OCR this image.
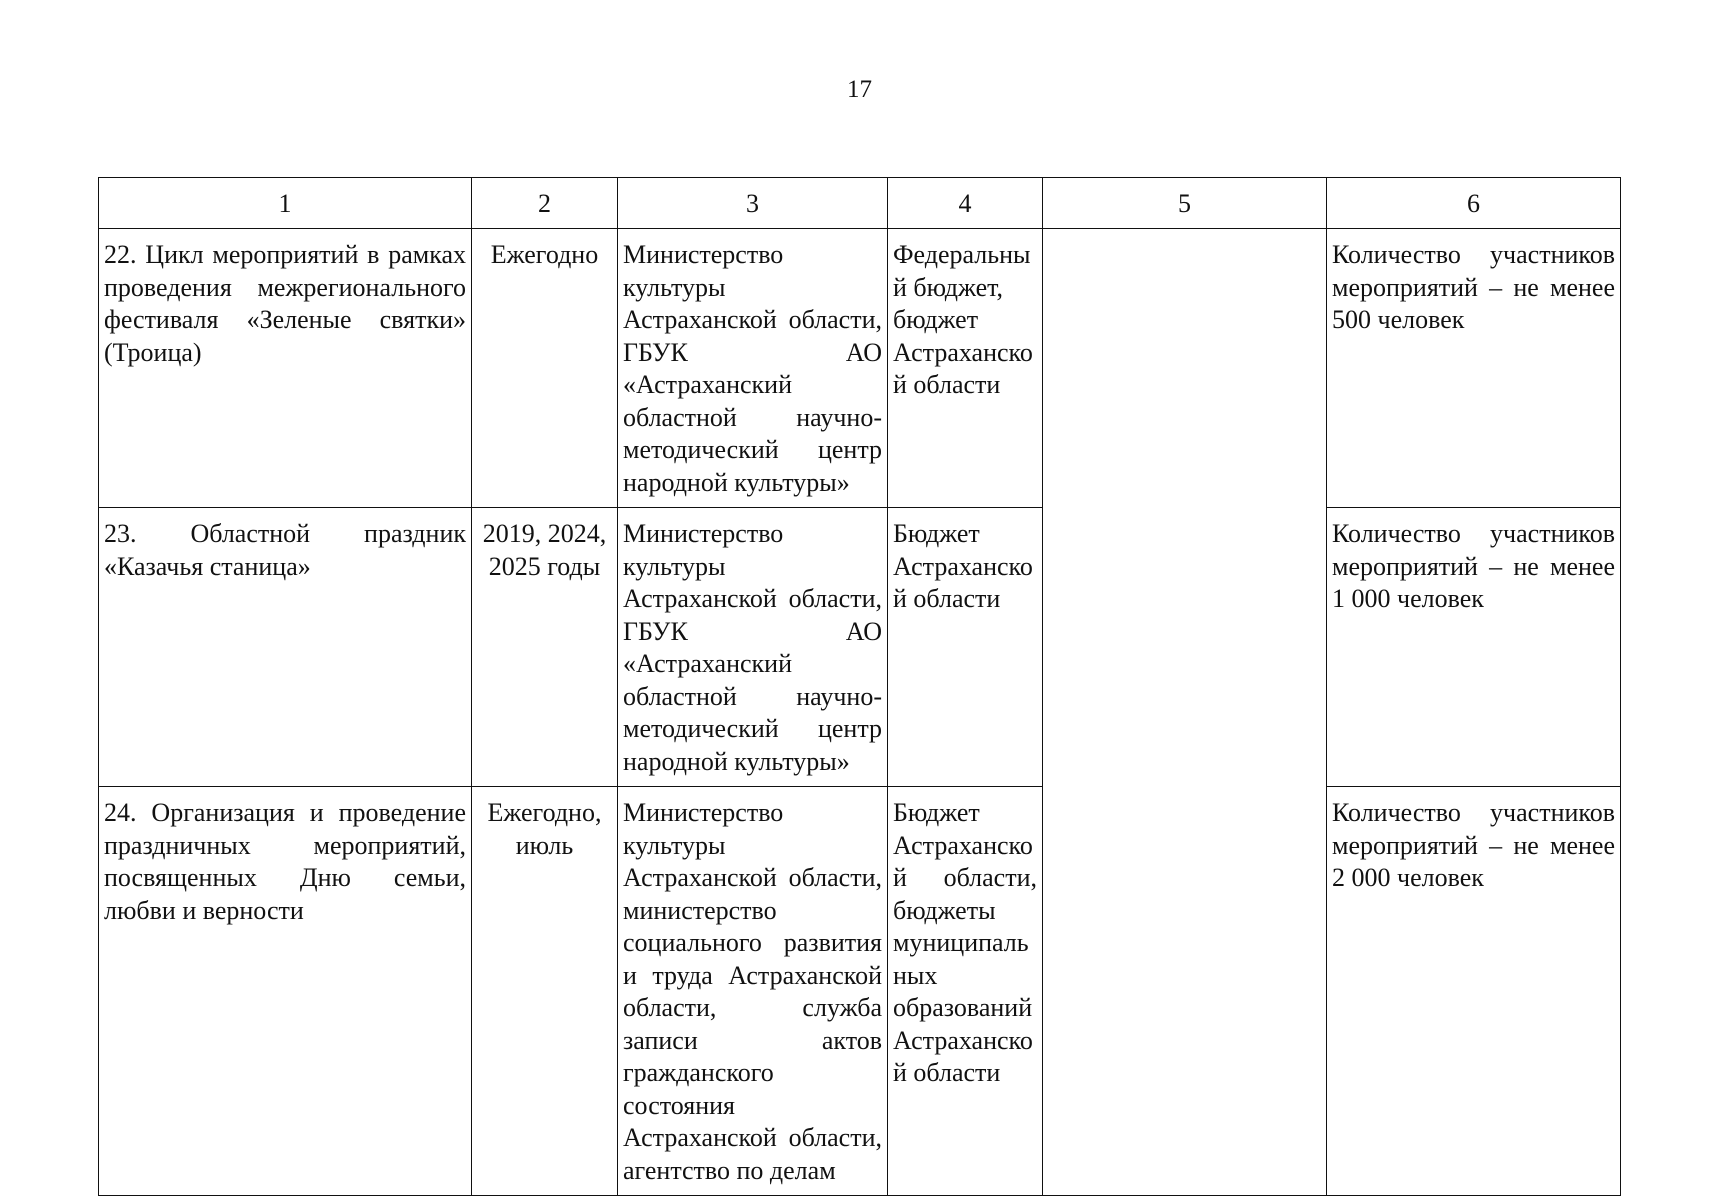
17
1	2	3	4	5	6
22. Цикл мероприятий в рамках проведения межрегионального фестиваля «Зеленые святки» (Троица)	Ежегодно	Министерство культуры Астраханской области, ГБУК АО «Астраханский областной научно-методический центр народной культуры»	Федеральный бюджет, бюджет Астраханской области		Количество участников мероприятий – не менее 500 человек
23. Областной праздник «Казачья станица»	2019, 2024, 2025 годы	Министерство культуры Астраханской области, ГБУК АО «Астраханский областной научно-методический центр народной культуры»	Бюджет Астраханской области		Количество участников мероприятий – не менее 1 000 человек
24. Организация и проведение праздничных мероприятий, посвященных Дню семьи, любви и верности	Ежегодно, июль	Министерство культуры Астраханской области, министерство социального развития и труда Астраханской области, служба записи актов гражданского состояния Астраханской области, агентство по делам	Бюджет Астраханской области, бюджеты муниципальных образований Астраханской области		Количество участников мероприятий – не менее 2 000 человек
